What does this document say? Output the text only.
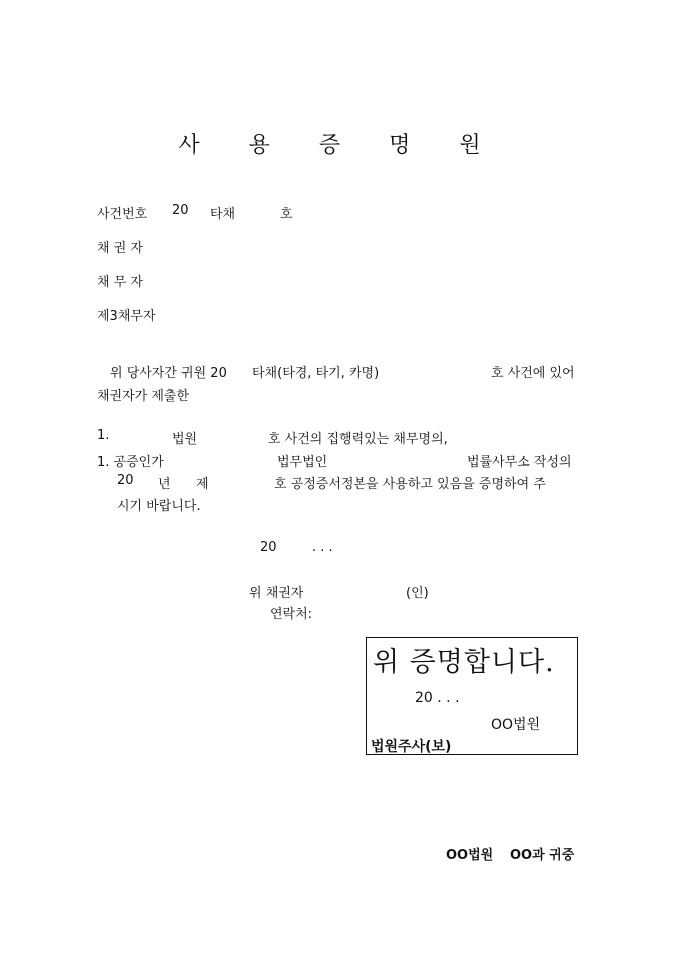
사 용 증 명 원
사건번호 20 타채	호
채 권 자
채 무 자
제3채무자
위 당사자간 귀원 20 타채(타경, 타기, 카명)	호 사건에 있어
채권자가 제출한
1.	법원	호 사건의 집행력있는 채무명의,
1. 공증인가	법무법인	법률사무소 작성의
20 년 제	호 공정증서정본을 사용하고 있음을 증명하여 주
시기 바랍니다.
20	. . .
위 채권자	(인)
연락처:
위 증명합니다.
20 . . .
OO법원
법원주사(보)
OO법원 OO과 귀중
